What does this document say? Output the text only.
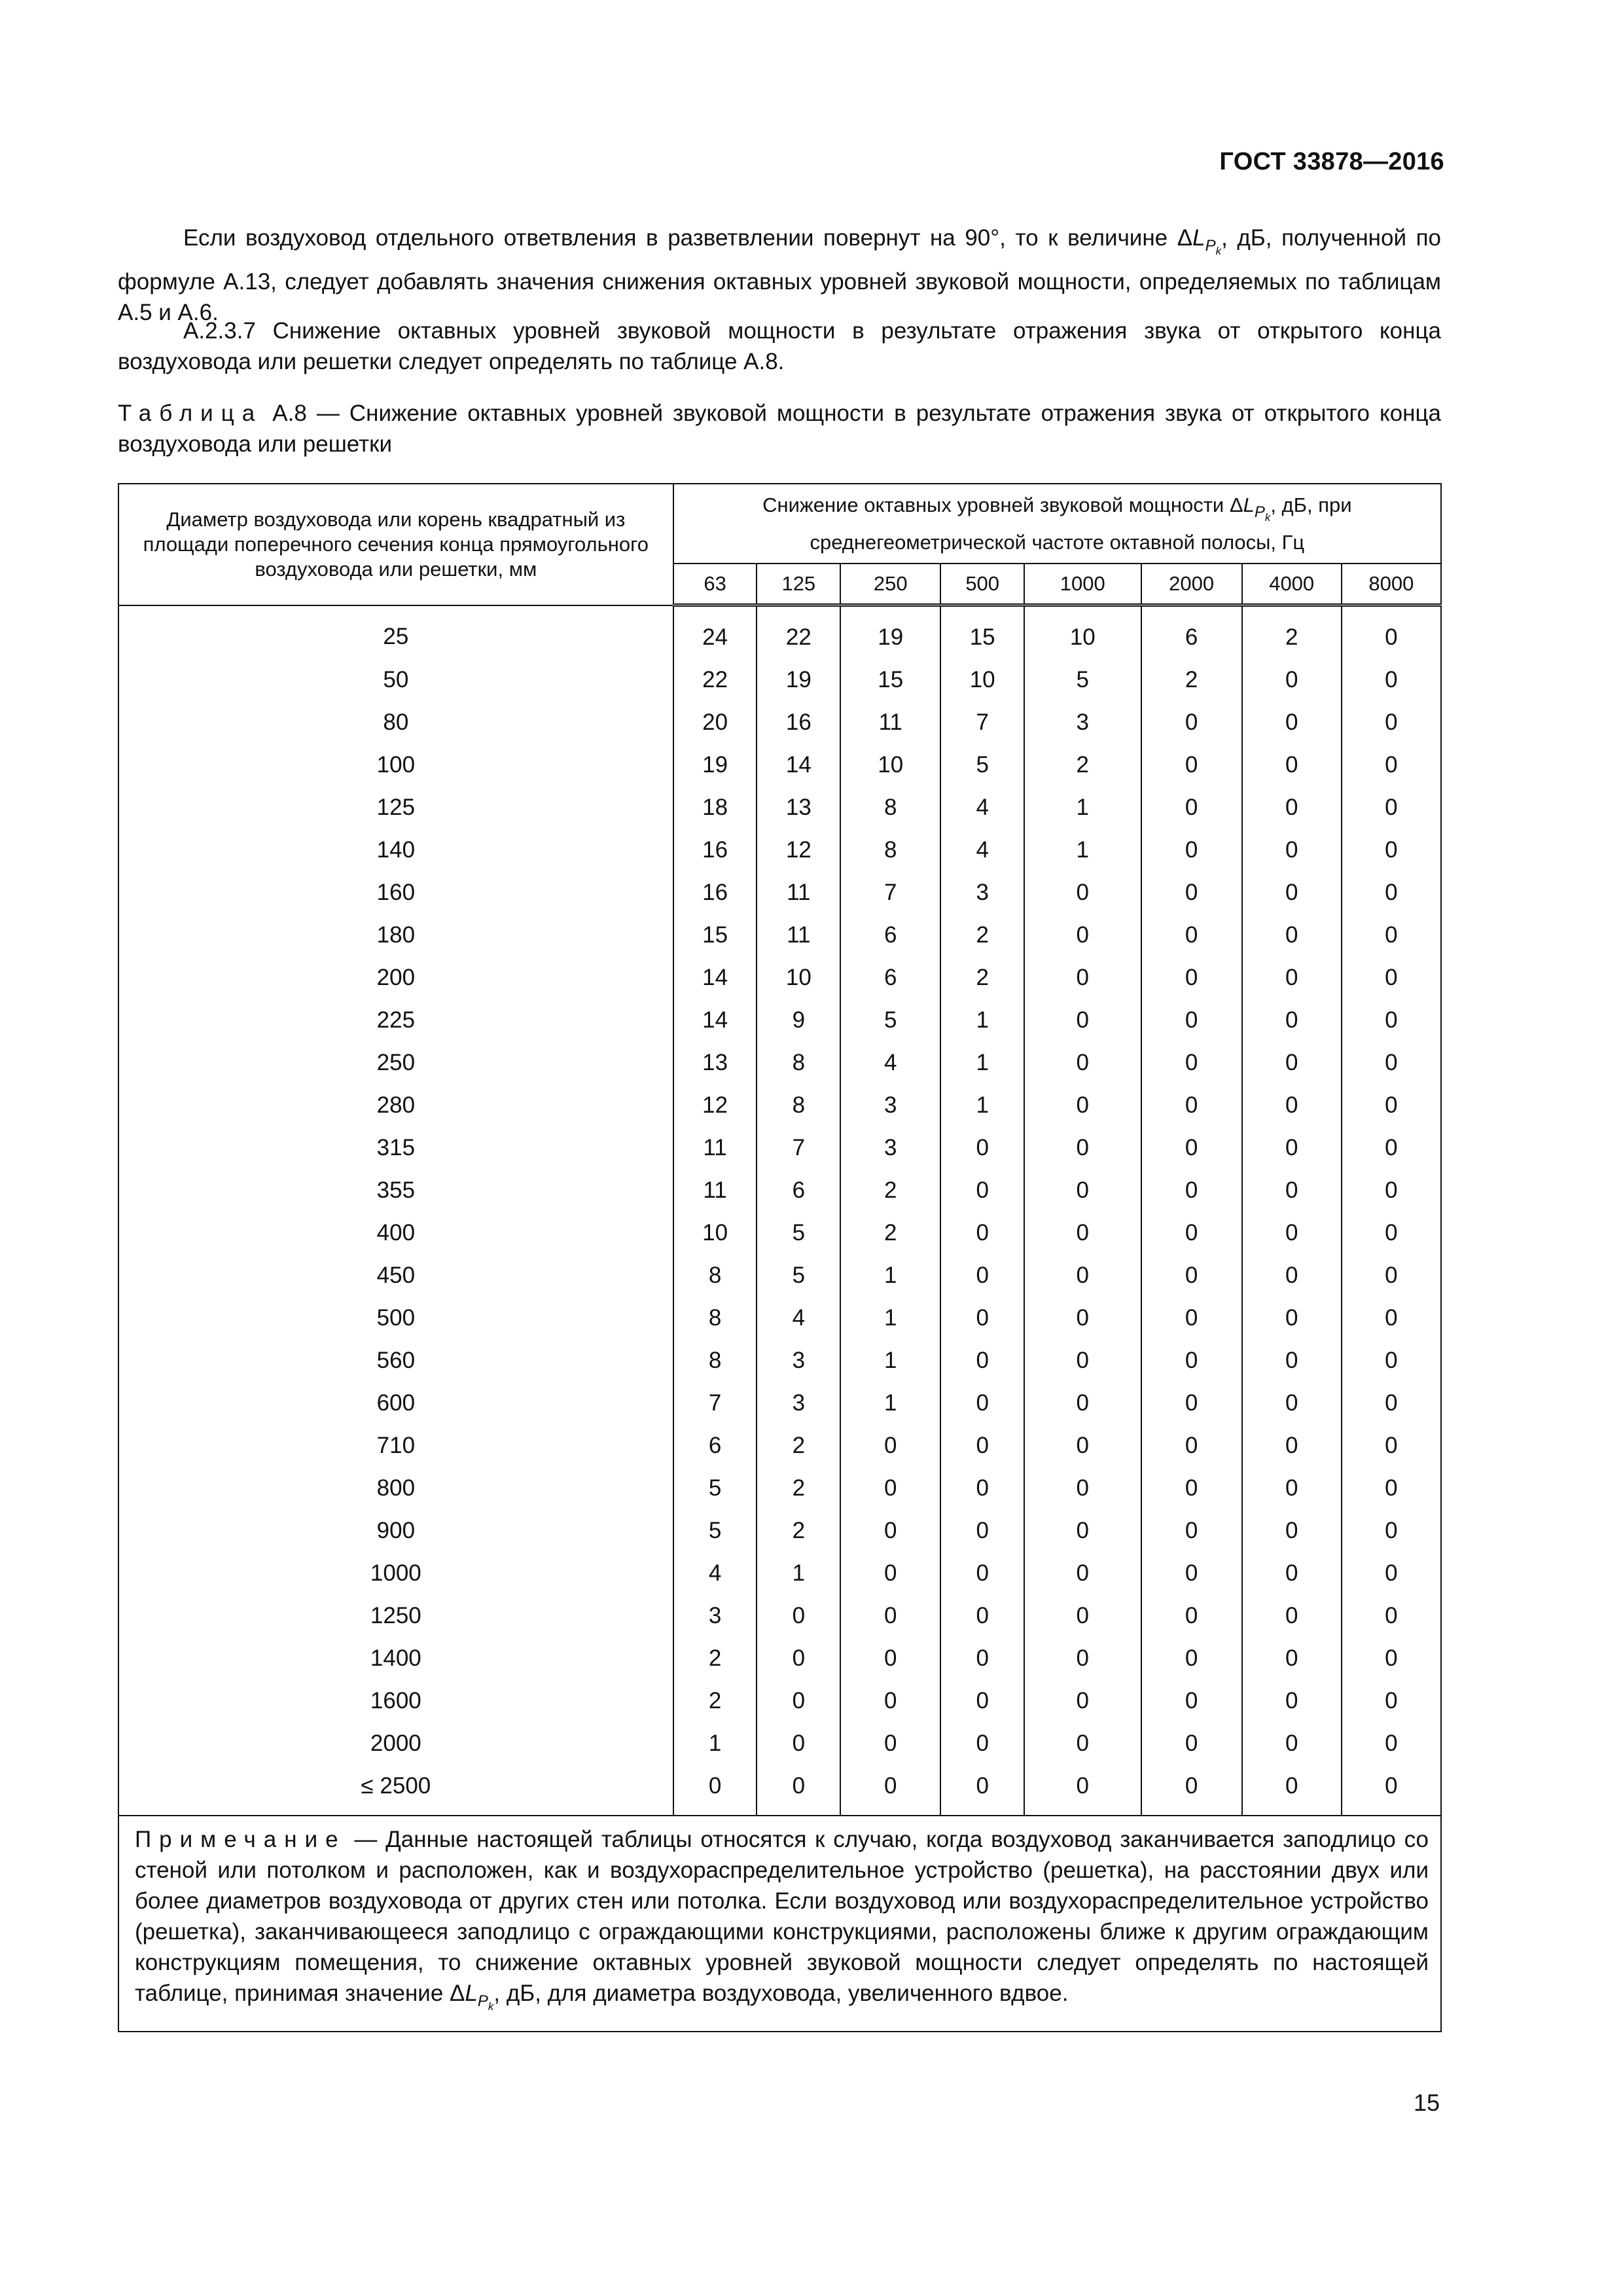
ГОСТ 33878—2016
Если воздуховод отдельного ответвления в разветвлении повернут на 90°, то к величине $\Delta L_{P_k}$, дБ, полученной по формуле А.13, следует добавлять значения снижения октавных уровней звуковой мощности, определяемых по таблицам А.5 и А.6.
А.2.3.7 Снижение октавных уровней звуковой мощности в результате отражения звука от открытого конца воздуховода или решетки следует определять по таблице А.8.
Таблица А.8 — Снижение октавных уровней звуковой мощности в результате отражения звука от открытого конца воздуховода или решетки
Диаметр воздуховода или корень квадратный из площади поперечного сечения конца прямоугольного воздуховода или решетки, мм	Снижение октавных уровней звуковой мощности $\Delta L_{P_k}$, дБ, при среднегеометрической частоте октавной полосы, Гц							
	63	125	250	500	1000	2000	4000	8000
25	24	22	19	15	10	6	2	0
50	22	19	15	10	5	2	0	0
80	20	16	11	7	3	0	0	0
100	19	14	10	5	2	0	0	0
125	18	13	8	4	1	0	0	0
140	16	12	8	4	1	0	0	0
160	16	11	7	3	0	0	0	0
180	15	11	6	2	0	0	0	0
200	14	10	6	2	0	0	0	0
225	14	9	5	1	0	0	0	0
250	13	8	4	1	0	0	0	0
280	12	8	3	1	0	0	0	0
315	11	7	3	0	0	0	0	0
355	11	6	2	0	0	0	0	0
400	10	5	2	0	0	0	0	0
450	8	5	1	0	0	0	0	0
500	8	4	1	0	0	0	0	0
560	8	3	1	0	0	0	0	0
600	7	3	1	0	0	0	0	0
710	6	2	0	0	0	0	0	0
800	5	2	0	0	0	0	0	0
900	5	2	0	0	0	0	0	0
1000	4	1	0	0	0	0	0	0
1250	3	0	0	0	0	0	0	0
1400	2	0	0	0	0	0	0	0
1600	2	0	0	0	0	0	0	0
2000	1	0	0	0	0	0	0	0
≤ 2500	0	0	0	0	0	0	0	0
Примечание — Данные настоящей таблицы относятся к случаю, когда воздуховод заканчивается заподлицо со стеной или потолком и расположен, как и воздухораспределительное устройство (решетка), на расстоянии двух или более диаметров воздуховода от других стен или потолка. Если воздуховод или воздухораспределительное устройство (решетка), заканчивающееся заподлицо с ограждающими конструкциями, расположены ближе к другим ограждающим конструкциям помещения, то снижение октавных уровней звуковой мощности следует определять по настоящей таблице, принимая значение $\Delta L_{P_k}$, дБ, для диаметра воздуховода, увеличенного вдвое.								
15
